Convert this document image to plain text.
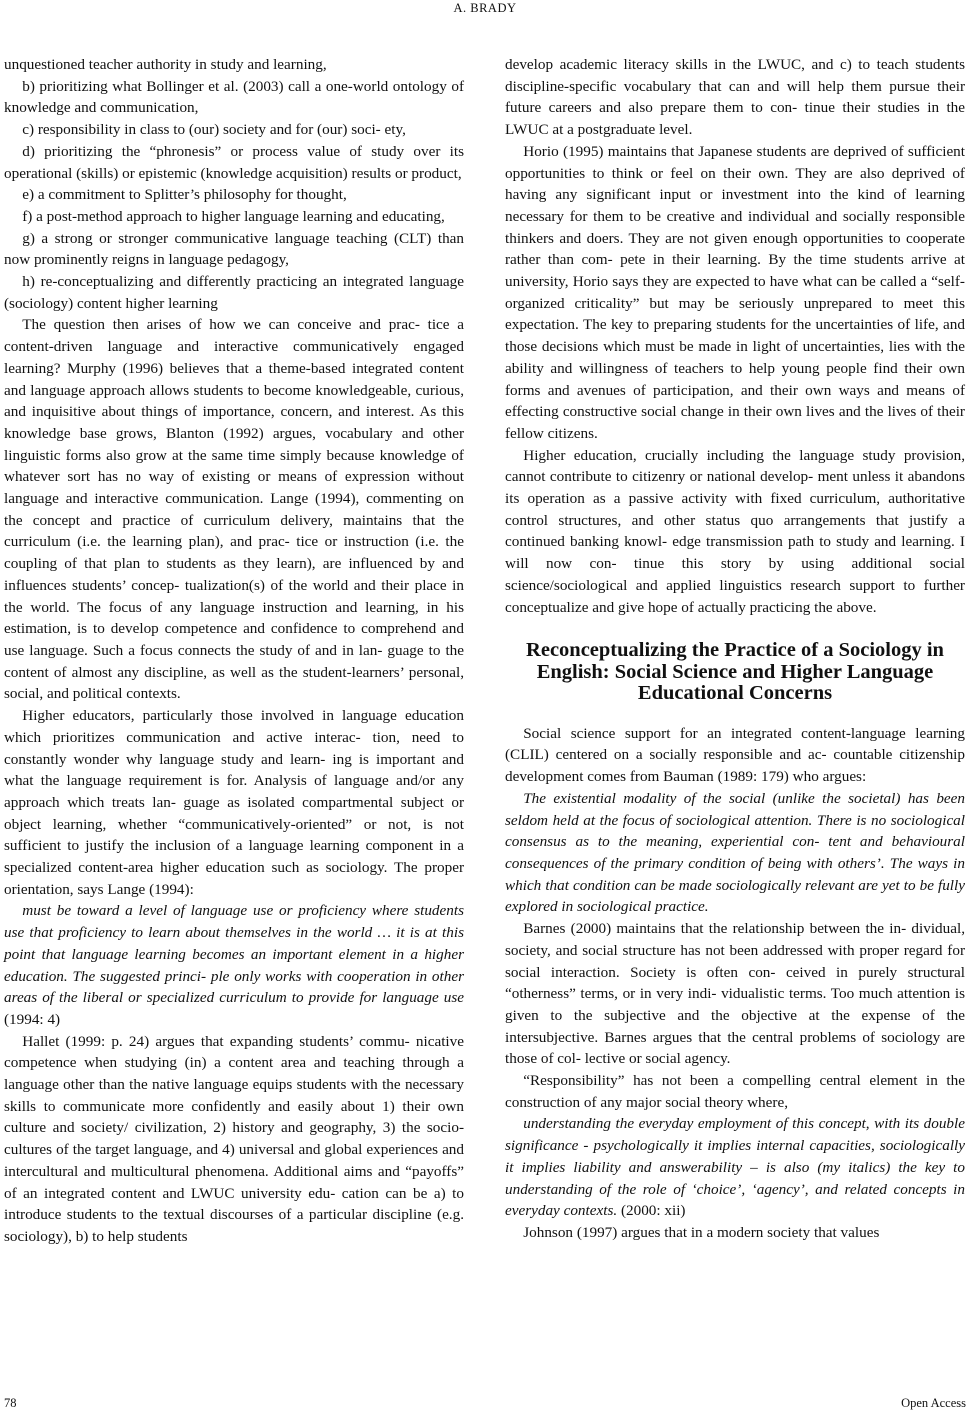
A. BRADY

unquestioned teacher authority in study and learning,

b) prioritizing what Bollinger et al. (2003) call a one-world ontology of knowledge and communication,

c) responsibility in class to (our) society and for (our) soci- ety,

d) prioritizing the “phronesis” or process value of study over its operational (skills) or epistemic (knowledge acquisition) results or product,

e) a commitment to Splitter’s philosophy for thought,

f) a post-method approach to higher language learning and educating,

g) a strong or stronger communicative language teaching (CLT) than now prominently reigns in language pedagogy,

h) re-conceptualizing and differently practicing an integrated language (sociology) content higher learning

The question then arises of how we can conceive and prac- tice a content-driven language and interactive communicatively engaged learning? Murphy (1996) believes that a theme-based integrated content and language approach allows students to become knowledgeable, curious, and inquisitive about things of importance, concern, and interest. As this knowledge base grows, Blanton (1992) argues, vocabulary and other linguistic forms also grow at the same time simply because knowledge of whatever sort has no way of existing or means of expression without language and interactive communication. Lange (1994), commenting on the concept and practice of curriculum delivery, maintains that the curriculum (i.e. the learning plan), and prac- tice or instruction (i.e. the coupling of that plan to students as they learn), are influenced by and influences students’ concep- tualization(s) of the world and their place in the world. The focus of any language instruction and learning, in his estimation, is to develop competence and confidence to comprehend and use language. Such a focus connects the study of and in lan- guage to the content of almost any discipline, as well as the student-learners’ personal, social, and political contexts.

Higher educators, particularly those involved in language education which prioritizes communication and active interac- tion, need to constantly wonder why language study and learn- ing is important and what the language requirement is for. Analysis of language and/or any approach which treats lan- guage as isolated compartmental subject or object learning, whether “communicatively-oriented” or not, is not sufficient to justify the inclusion of a language learning component in a specialized content-area higher education such as sociology. The proper orientation, says Lange (1994):

must be toward a level of language use or proficiency where students use that proficiency to learn about themselves in the world … it is at this point that language learning becomes an important element in a higher education. The suggested princi- ple only works with cooperation in other areas of the liberal or specialized curriculum to provide for language use (1994: 4)

Hallet (1999: p. 24) argues that expanding students’ commu- nicative competence when studying (in) a content area and teaching through a language other than the native language equips students with the necessary skills to communicate more confidently and easily about 1) their own culture and society/ civilization, 2) history and geography, 3) the socio-cultures of the target language, and 4) universal and global experiences and intercultural and multicultural phenomena. Additional aims and “payoffs” of an integrated content and LWUC university edu- cation can be a) to introduce students to the textual discourses of a particular discipline (e.g. sociology), b) to help students

develop academic literacy skills in the LWUC, and c) to teach students discipline-specific vocabulary that can and will help them pursue their future careers and also prepare them to con- tinue their studies in the LWUC at a postgraduate level.

Horio (1995) maintains that Japanese students are deprived of sufficient opportunities to think or feel on their own. They are also deprived of having any significant input or investment into the kind of learning necessary for them to be creative and individual and socially responsible thinkers and doers. They are not given enough opportunities to cooperate rather than com- pete in their learning. By the time students arrive at university, Horio says they are expected to have what can be called a “self-organized criticality” but may be seriously unprepared to meet this expectation. The key to preparing students for the uncertainties of life, and those decisions which must be made in light of uncertainties, lies with the ability and willingness of teachers to help young people find their own forms and avenues of participation, and their own ways and means of effecting constructive social change in their own lives and the lives of their fellow citizens.

Higher education, crucially including the language study provision, cannot contribute to citizenry or national develop- ment unless it abandons its operation as a passive activity with fixed curriculum, authoritative control structures, and other status quo arrangements that justify a continued banking knowl- edge transmission path to study and learning. I will now con- tinue this story by using additional social science/sociological and applied linguistics research support to further conceptualize and give hope of actually practicing the above.

Reconceptualizing the Practice of a Sociology in English: Social Science and Higher Language Educational Concerns

Social science support for an integrated content-language learning (CLIL) centered on a socially responsible and ac- countable citizenship development comes from Bauman (1989: 179) who argues:

The existential modality of the social (unlike the societal) has been seldom held at the focus of sociological attention. There is no sociological consensus as to the meaning, experiential con- tent and behavioural consequences of the primary condition of being with others’. The ways in which that condition can be made sociologically relevant are yet to be fully explored in sociological practice.

Barnes (2000) maintains that the relationship between the in- dividual, society, and social structure has not been addressed with proper regard for social interaction. Society is often con- ceived in purely structural “otherness” terms, or in very indi- vidualistic terms. Too much attention is given to the subjective and the objective at the expense of the intersubjective. Barnes argues that the central problems of sociology are those of col- lective or social agency.

“Responsibility” has not been a compelling central element in the construction of any major social theory where,

understanding the everyday employment of this concept, with its double significance - psychologically it implies internal capacities, sociologically it implies liability and answerability – is also (my italics) the key to understanding of the role of ‘choice’, ‘agency’, and related concepts in everyday contexts. (2000: xii)

Johnson (1997) argues that in a modern society that values

78	Open Access
